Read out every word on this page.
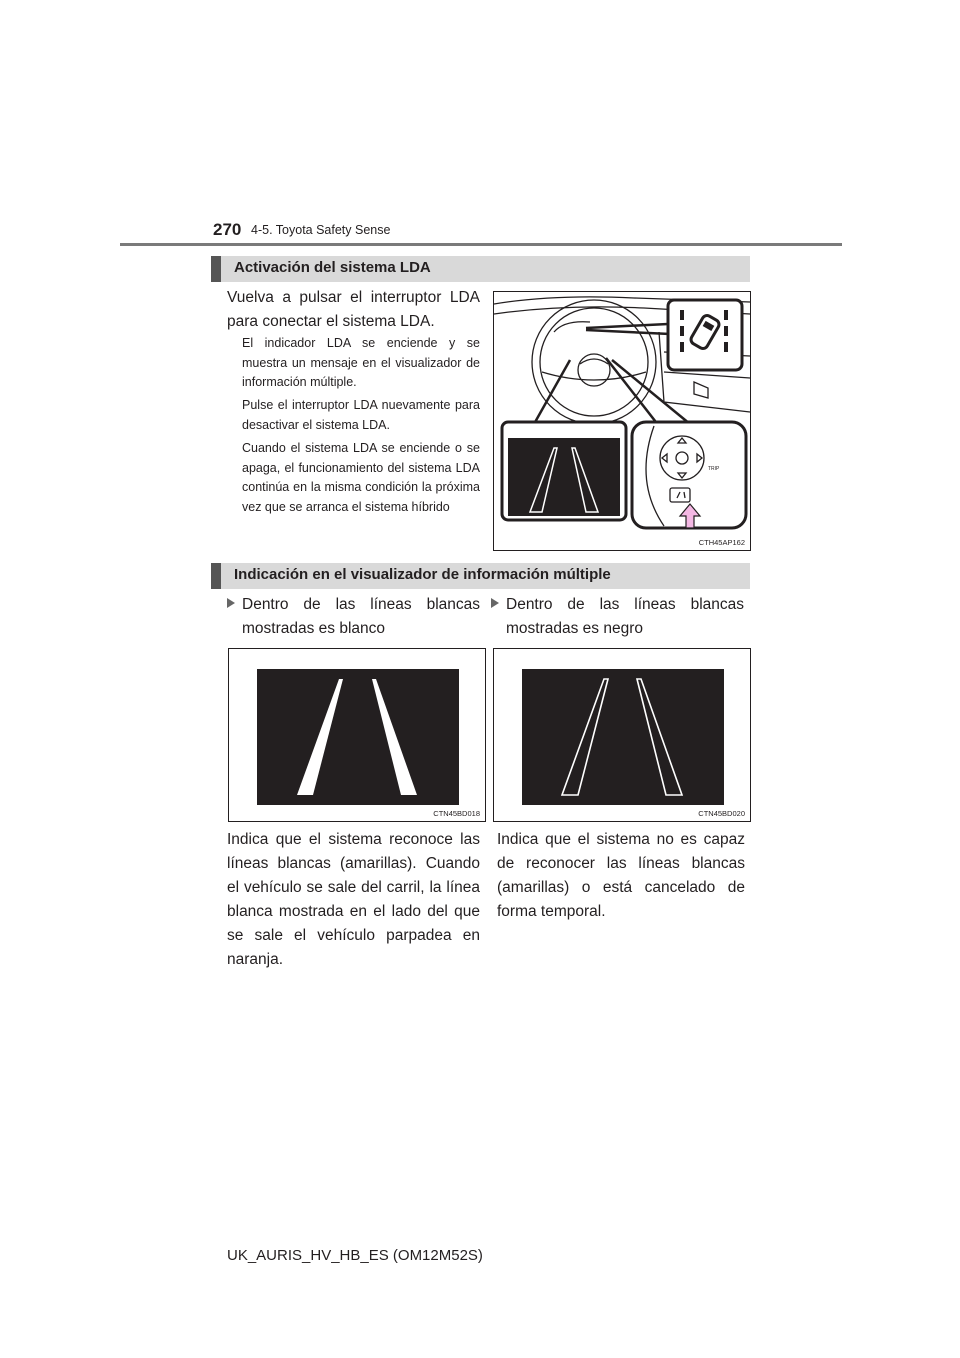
270 4-5. Toyota Safety Sense
Activación del sistema LDA
Vuelva a pulsar el interruptor LDA para conectar el sistema LDA.
El indicador LDA se enciende y se muestra un mensaje en el visualizador de información múltiple.
Pulse el interruptor LDA nuevamente para desactivar el sistema LDA.
Cuando el sistema LDA se enciende o se apaga, el funcionamiento del sistema LDA continúa en la misma condición la próxima vez que se arranca el sistema híbrido
TRIP
CTH45AP162
Indicación en el visualizador de información múltiple
Dentro de las líneas blancas mostradas es blanco
Dentro de las líneas blancas mostradas es negro
CTN45BD018	CTN45BD020
Indica que el sistema reconoce las líneas blancas (amarillas). Cuando el vehículo se sale del carril, la línea blanca mostrada en el lado del que se sale el vehículo parpadea en naranja.
Indica que el sistema no es capaz de reconocer las líneas blancas (amarillas) o está cancelado de forma temporal.
UK_AURIS_HV_HB_ES (OM12M52S)
